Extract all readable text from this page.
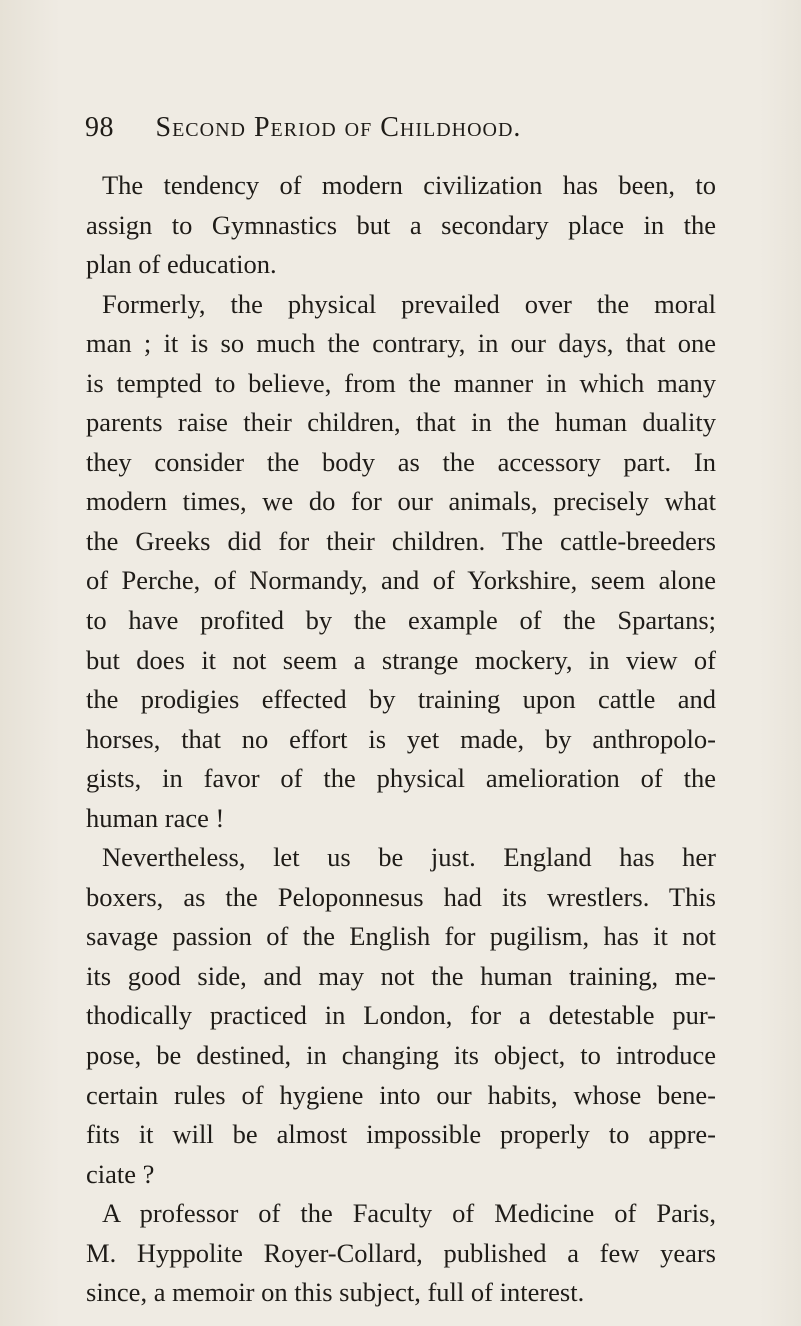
98 Second Period of Childhood.
The tendency of modern civilization has been, to
assign to Gymnastics but a secondary place in the
plan of education.
Formerly, the physical prevailed over the moral
man ; it is so much the contrary, in our days, that one
is tempted to believe, from the manner in which many
parents raise their children, that in the human duality
they consider the body as the accessory part. In
modern times, we do for our animals, precisely what
the Greeks did for their children. The cattle-breeders
of Perche, of Normandy, and of Yorkshire, seem alone
to have profited by the example of the Spartans;
but does it not seem a strange mockery, in view of
the prodigies effected by training upon cattle and
horses, that no effort is yet made, by anthropolo-
gists, in favor of the physical amelioration of the
human race !
Nevertheless, let us be just. England has her
boxers, as the Peloponnesus had its wrestlers. This
savage passion of the English for pugilism, has it not
its good side, and may not the human training, me-
thodically practiced in London, for a detestable pur-
pose, be destined, in changing its object, to introduce
certain rules of hygiene into our habits, whose bene-
fits it will be almost impossible properly to appre-
ciate ?
A professor of the Faculty of Medicine of Paris,
M. Hyppolite Royer-Collard, published a few years
since, a memoir on this subject, full of interest.
